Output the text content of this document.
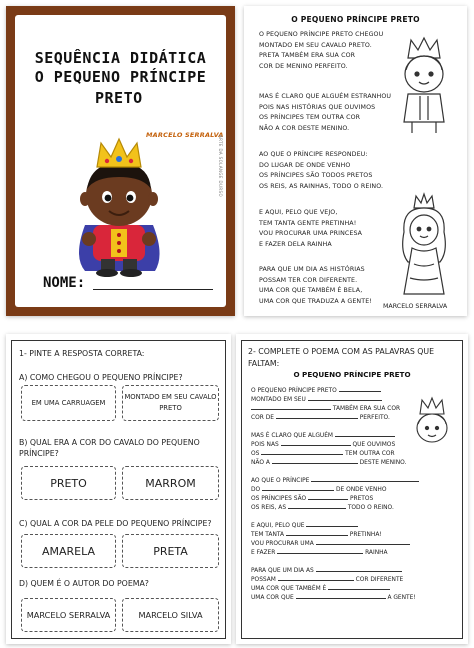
SEQUÊNCIA DIDÁTICA
O PEQUENO PRÍNCIPE
PRETO
MARCELO SERRALVA
ARTE DA SOLANGE DURSO
NOME:
O PEQUENO PRÍNCIPE PRETO
O PEQUENO PRÍNCIPE PRETO CHEGOU
MONTADO EM SEU CAVALO PRETO.
PRETA TAMBÉM ERA SUA COR
COR DE MENINO PERFEITO.
MAS É CLARO QUE ALGUÉM ESTRANHOU
POIS NAS HISTÓRIAS QUE OUVIMOS
OS PRÍNCIPES TEM OUTRA COR
NÃO A COR DESTE MENINO.
AO QUE O PRÍNCIPE RESPONDEU:
DO LUGAR DE ONDE VENHO
OS PRÍNCIPES SÃO TODOS PRETOS
OS REIS, AS RAINHAS, TODO O REINO.
E AQUI, PELO QUE VEJO,
TEM TANTA GENTE PRETINHA!
VOU PROCURAR UMA PRINCESA
E FAZER DELA RAINHA
PARA QUE UM DIA AS HISTÓRIAS
POSSAM TER COR DIFERENTE.
UMA COR QUE TAMBÉM É BELA,
UMA COR QUE TRADUZA A GENTE!
MARCELO SERRALVA
1- PINTE A RESPOSTA CORRETA:
A) COMO CHEGOU O PEQUENO PRÍNCIPE?
EM UMA CARRUAGEM
MONTADO EM SEU CAVALO PRETO
B) QUAL ERA A COR DO CAVALO DO PEQUENO
PRÍNCIPE?
PRETO	MARROM
C) QUAL A COR DA PELE DO PEQUENO PRÍNCIPE?
AMARELA	PRETA
D) QUEM É O AUTOR DO POEMA?
MARCELO SERRALVA	MARCELO SILVA
2- COMPLETE O POEMA COM AS PALAVRAS QUE
FALTAM:
O PEQUENO PRÍNCIPE PRETO
O PEQUENO PRÍNCIPE PRETO
MONTADO EM SEU
TAMBÉM ERA SUA COR
COR DE	PERFEITO.
MAS É CLARO QUE ALGUÉM
POIS NAS	QUE OUVIMOS
OS	TEM OUTRA COR
NÃO A	DESTE MENINO.
AO QUE O PRÍNCIPE
DO	DE ONDE VENHO
OS PRÍNCIPES SÃO	PRETOS
OS REIS, AS	TODO O REINO.
E AQUI, PELO QUE
TEM TANTA	PRETINHA!
VOU PROCURAR UMA
E FAZER	RAINHA
PARA QUE UM DIA AS
POSSAM	COR DIFERENTE
UMA COR QUE TAMBÉM É
UMA COR QUE	A GENTE!
